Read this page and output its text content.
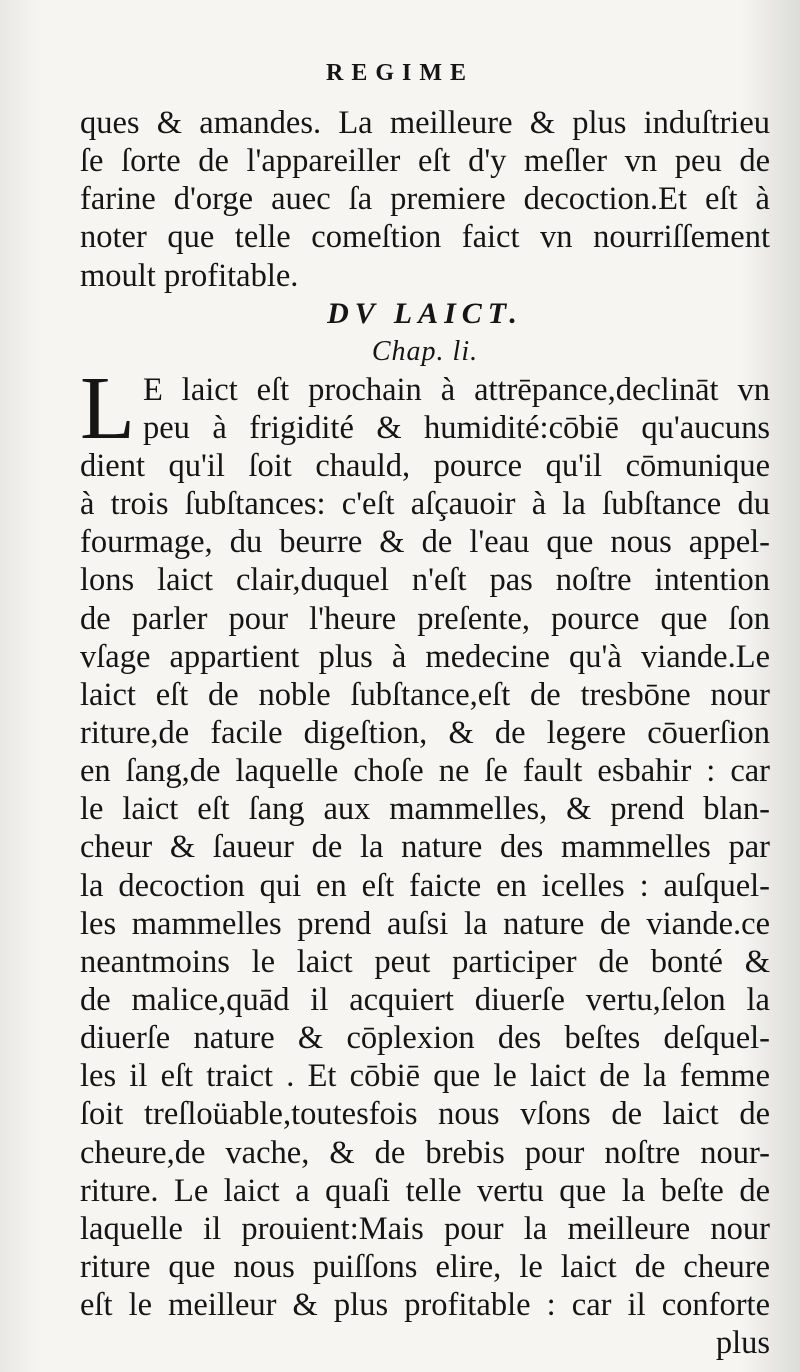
REGIME
ques & amandes. La meilleure & plus induſtrieu
ſe ſorte de l'appareiller eſt d'y meſler vn peu de
farine d'orge auec ſa premiere decoction.Et eſt à
noter que telle comeſtion faict vn nourriſſement
moult profitable.
DV LAICT.
Chap. li.
L E laict eſt prochain à attrēpance,declināt vn
peu à frigidité & humidité:cōbiē qu'aucuns
dient qu'il ſoit chauld, pource qu'il cōmunique
à trois ſubſtances: c'eſt aſçauoir à la ſubſtance du
fourmage, du beurre & de l'eau que nous appel-
lons laict clair,duquel n'eſt pas noſtre intention
de parler pour l'heure preſente, pource que ſon
vſage appartient plus à medecine qu'à viande.Le
laict eſt de noble ſubſtance,eſt de tresbōne nour
riture,de facile digeſtion, & de legere cōuerſion
en ſang,de laquelle choſe ne ſe fault esbahir : car
le laict eſt ſang aux mammelles, & prend blan-
cheur & ſaueur de la nature des mammelles par
la decoction qui en eſt faicte en icelles : auſquel-
les mammelles prend auſsi la nature de viande.ce
neantmoins le laict peut participer de bonté &
de malice,quād il acquiert diuerſe vertu,ſelon la
diuerſe nature & cōplexion des beſtes deſquel-
les il eſt traict . Et cōbiē que le laict de la femme
ſoit treſloüable,toutesfois nous vſons de laict de
cheure,de vache, & de brebis pour noſtre nour-
riture. Le laict a quaſi telle vertu que la beſte de
laquelle il prouient:Mais pour la meilleure nour
riture que nous puiſſons elire, le laict de cheure
eſt le meilleur & plus profitable : car il conforte
plus
